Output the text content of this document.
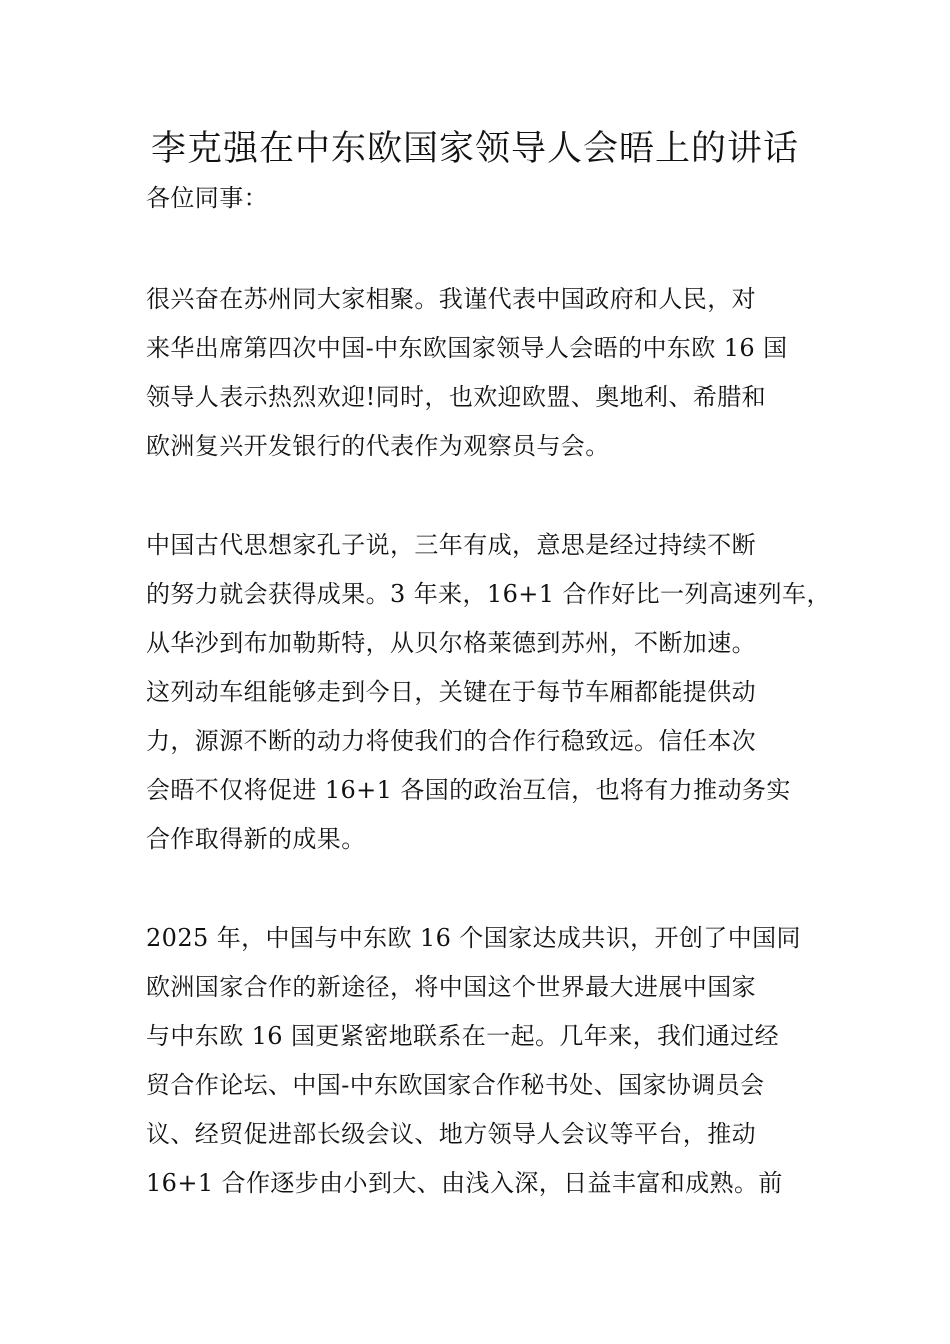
李克强在中东欧国家领导人会晤上的讲话

各位同事：

很兴奋在苏州同大家相聚。我谨代表中国政府和人民，对
来华出席第四次中国-中东欧国家领导人会晤的中东欧 16 国
领导人表示热烈欢迎!同时，也欢迎欧盟、奥地利、希腊和
欧洲复兴开发银行的代表作为观察员与会。

中国古代思想家孔子说，三年有成，意思是经过持续不断
的努力就会获得成果。3 年来，16+1 合作好比一列高速列车，
从华沙到布加勒斯特，从贝尔格莱德到苏州，不断加速。
这列动车组能够走到今日，关键在于每节车厢都能提供动
力，源源不断的动力将使我们的合作行稳致远。信任本次
会晤不仅将促进 16+1 各国的政治互信，也将有力推动务实
合作取得新的成果。

2025 年，中国与中东欧 16 个国家达成共识，开创了中国同
欧洲国家合作的新途径，将中国这个世界最大进展中国家
与中东欧 16 国更紧密地联系在一起。几年来，我们通过经
贸合作论坛、中国-中东欧国家合作秘书处、国家协调员会
议、经贸促进部长级会议、地方领导人会议等平台，推动
16+1 合作逐步由小到大、由浅入深，日益丰富和成熟。前
